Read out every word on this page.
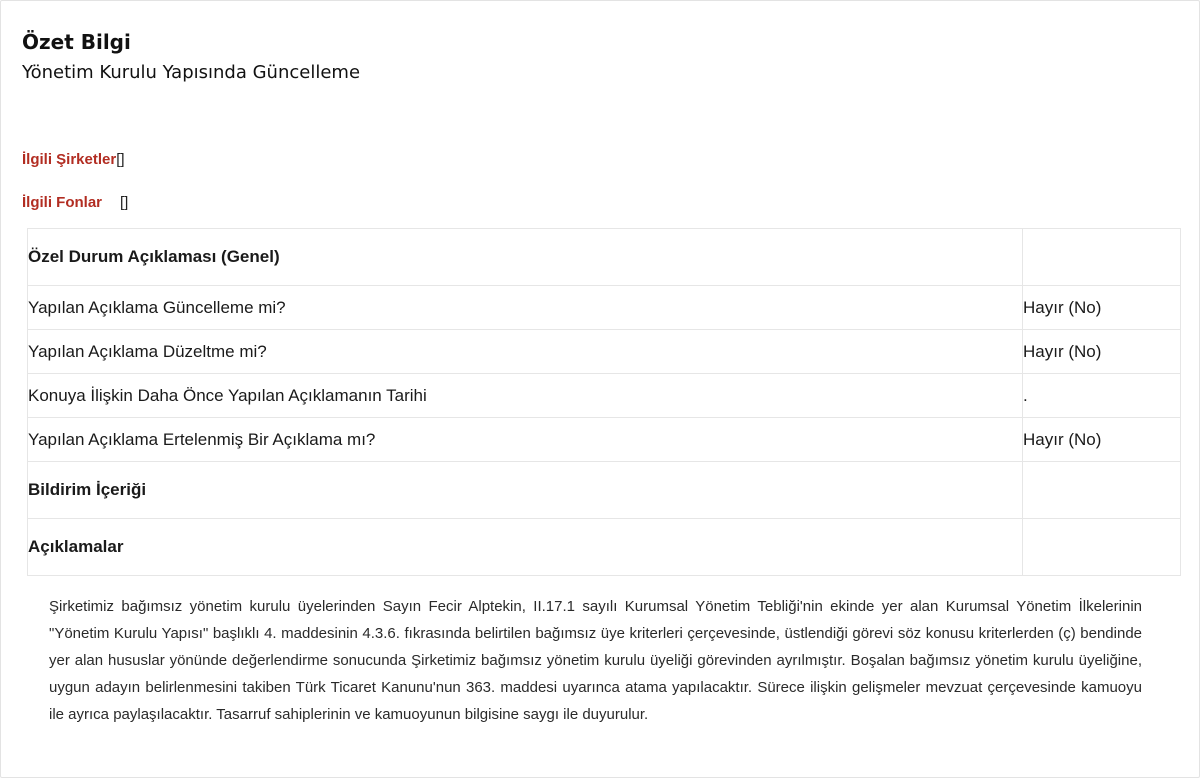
Özet Bilgi
Yönetim Kurulu Yapısında Güncelleme
İlgili Şirketler[]
İlgili Fonlar []
Özel Durum Açıklaması (Genel)	
Yapılan Açıklama Güncelleme mi?	Hayır (No)
Yapılan Açıklama Düzeltme mi?	Hayır (No)
Konuya İlişkin Daha Önce Yapılan Açıklamanın Tarihi	.
Yapılan Açıklama Ertelenmiş Bir Açıklama mı?	Hayır (No)
Bildirim İçeriği	
Açıklamalar	

Şirketimiz bağımsız yönetim kurulu üyelerinden Sayın Fecir Alptekin, II.17.1 sayılı Kurumsal Yönetim Tebliği'nin ekinde yer alan Kurumsal Yönetim İlkelerinin "Yönetim Kurulu Yapısı" başlıklı 4. maddesinin 4.3.6. fıkrasında belirtilen bağımsız üye kriterleri çerçevesinde, üstlendiği görevi söz konusu kriterlerden (ç) bendinde yer alan hususlar yönünde değerlendirme sonucunda Şirketimiz bağımsız yönetim kurulu üyeliği görevinden ayrılmıştır. Boşalan bağımsız yönetim kurulu üyeliğine, uygun adayın belirlenmesini takiben Türk Ticaret Kanunu'nun 363. maddesi uyarınca atama yapılacaktır. Sürece ilişkin gelişmeler mevzuat çerçevesinde kamuoyu ile ayrıca paylaşılacaktır. Tasarruf sahiplerinin ve kamuoyunun bilgisine saygı ile duyurulur.
